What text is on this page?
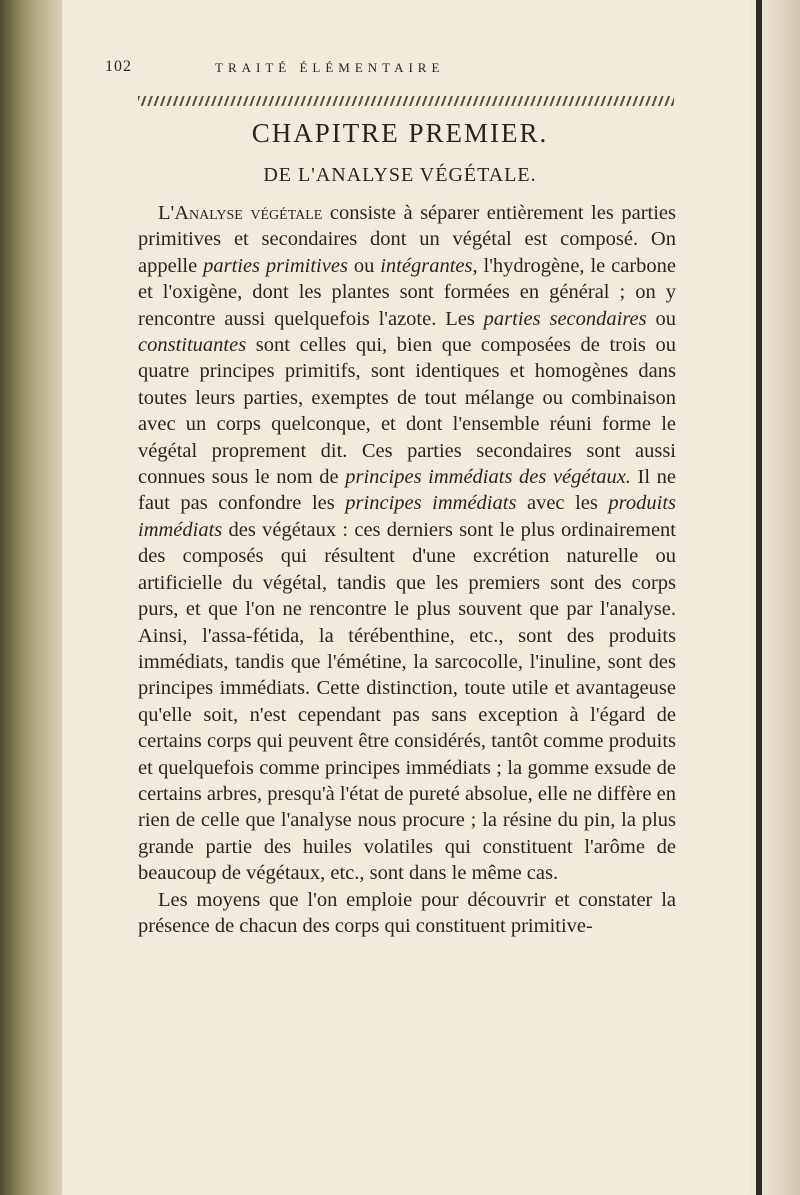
102	TRAITÉ ÉLÉMENTAIRE
CHAPITRE PREMIER.
DE L'ANALYSE VÉGÉTALE.

L'Analyse végétale consiste à séparer entièrement les parties primitives et secondaires dont un végétal est composé. On appelle parties primitives ou intégrantes, l'hydrogène, le carbone et l'oxigène, dont les plantes sont formées en général ; on y rencontre aussi quelquefois l'azote. Les parties secondaires ou constituantes sont celles qui, bien que composées de trois ou quatre principes primitifs, sont identiques et homogènes dans toutes leurs parties, exemptes de tout mélange ou combinaison avec un corps quelconque, et dont l'ensemble réuni forme le végétal proprement dit. Ces parties secondaires sont aussi connues sous le nom de principes immédiats des végétaux. Il ne faut pas confondre les principes immédiats avec les produits immédiats des végétaux : ces derniers sont le plus ordinairement des composés qui résultent d'une excrétion naturelle ou artificielle du végétal, tandis que les premiers sont des corps purs, et que l'on ne rencontre le plus souvent que par l'analyse. Ainsi, l'assa-fétida, la térébenthine, etc., sont des produits immédiats, tandis que l'émétine, la sarcocolle, l'inuline, sont des principes immédiats. Cette distinction, toute utile et avantageuse qu'elle soit, n'est cependant pas sans exception à l'égard de certains corps qui peuvent être considérés, tantôt comme produits et quelquefois comme principes immédiats ; la gomme exsude de certains arbres, presqu'à l'état de pureté absolue, elle ne diffère en rien de celle que l'analyse nous procure ; la résine du pin, la plus grande partie des huiles volatiles qui constituent l'arôme de beaucoup de végétaux, etc., sont dans le même cas.

Les moyens que l'on emploie pour découvrir et constater la présence de chacun des corps qui constituent primitive-
